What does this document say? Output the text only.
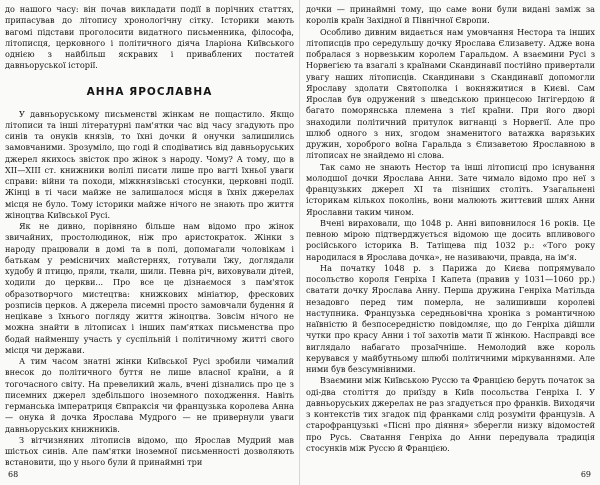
до нашого часу: він почав викладати події в порічних статтях, припасував до літопису хронологічну сітку. Історики мають вагомі підстави проголосити видатного письменника, філософа, літописця, церковного і політичного діяча Іларіона Київського однією з найбільш яскравих і приваблених постатей давньоруської історії.

АННА ЯРОСЛАВНА

У давньоруському письменстві жінкам не пощастило. Якщо літописи та інші літературні пам'ятки час від часу згадують про синів та онуків князів, то їхні дочки й онучки залишились замовчаними. Зрозуміло, що годі й сподіватись від давньоруських джерел якихось звісток про жінок з народу. Чому? А тому, що в XII—XIII ст. книжники волілі писати лише про вагті їхньої уваги справи: війни та походи, міжкнязівські стосунки, церковні події. Жінці в ті часи майже не залишалося місця в їхніх джерелах місця не було. Тому історики майже нічого не знають про життя жіноцтва Київської Русі.

Як не дивно, порівняно більше нам відомо про жінок звичайних, простолюдинок, ніж про аристократок. Жінки з народу працювали в домі та в полі, допомагали чоловікам і батькам у ремісничих майстернях, готували їжу, доглядали худобу й птицю, пряли, ткали, шили. Певна річ, виховували дітей, ходили до церкви... Про все це дізнаємося з пам'яток образотворчого мистецтва: книжкових мініатюр, фрескових розписів церков. А джерела писемні просто замовчали будення й нецікаве з їхнього погляду життя жіноцтва. Зовсім нічого не можна знайти в літописах і інших пам'ятках письменства про бодай найменшу участь у суспільній і політичному житті свого місця чи держави.

А тим часом знатні жінки Київської Русі зробили чималий внесок до політичного буття не лише власної країни, а й тогочасного світу. На превеликий жаль, вчені дізнались про це з писемних джерел здебільшого іноземного походження. Навіть германська імператриця Євпраксія чи французька королева Анна — онука й дочка Ярослава Мудрого — не привернули уваги давньоруських книжників.

З вітчизняних літописів відомо, що Ярослав Мудрий мав шістьох синів. Але пам'ятки іноземної письменності дозволяють встановити, що у нього були й принаймні три

68

дочки — принаймні тому, що саме вони були видані заміж за королів країн Західної й Північної Європи.

Особливо дивним видається нам умовчання Нестора та інших літописців про середульшу дочку Ярослава Єлизавету. Адже вона побралася з норвезьким королем Гаральдом. А взаємини Русі з Норвегією та взагалі з країнами Скандинавії постійно привертали увагу наших літописців. Скандинави з Скандинавії допомогли Ярославу здолати Святополка і вокняжитися в Києві. Сам Ярослав був одружений з шведською принцесою Інгігердою й багато поморянська племена з тієї країни. При його дворі знаходили політичний притулок вигнанці з Норвегії. Але про шлюб одного з них, згодом знаменитого ватажка варязьких дружин, хороброго воїна Гаральда з Єлизаветою Ярославною в літописах не знайдемо ні слова.

Так само не знають Нестор та інші літописці про існування молодшої дочки Ярослава Анни. Зате чимало відомо про неї з французьких джерел XI та пізніших століть. Узагальнені історикам кількох поколінь, вони малюють життєвий шлях Анни Ярославни таким чином.

Вчені вираховали, що 1048 р. Анні виповнилося 16 років. Це певною мірою підтверджується відомою ще досить впливового російського історика В. Татіщева під 1032 р.: «Того року народилася в Ярослава дочка», не називаючи, правда, на ім'я.

На початку 1048 р. з Парижа до Києва попрямувало посольство короля Генріха І Капета (правив у 1031—1060 рр.) сватати дочку Ярослава Анну. Перша дружина Генріха Матільда незадовго перед тим померла, не залишивши королеві наступника. Французька середньовічна хроніка з романтичною наївністю й безпосередністю повідомляє, що до Генріха дійшли чутки про красу Анни і тої захотів мати її жінкою. Насправді все виглядало набагато прозаїчніше. Немолодий вже король керувався у майбутньому шлюбі політичними міркуваннями. Але ними був безсумнівними.

Взаємини між Київською Руссю та Францією беруть початок за оді-два століття до приїзду в Київ посольства Генріха І. У давньоруських джерелах не раз згадується про франків. Виходячи з контекстів тих згадок під франками слід розуміти французів. А старофранцузькі «Пісні про діяння» зберегли низку відомостей про Русь. Сватання Генріха до Анни передувала традиція стосунків між Руссю й Францією.

69
